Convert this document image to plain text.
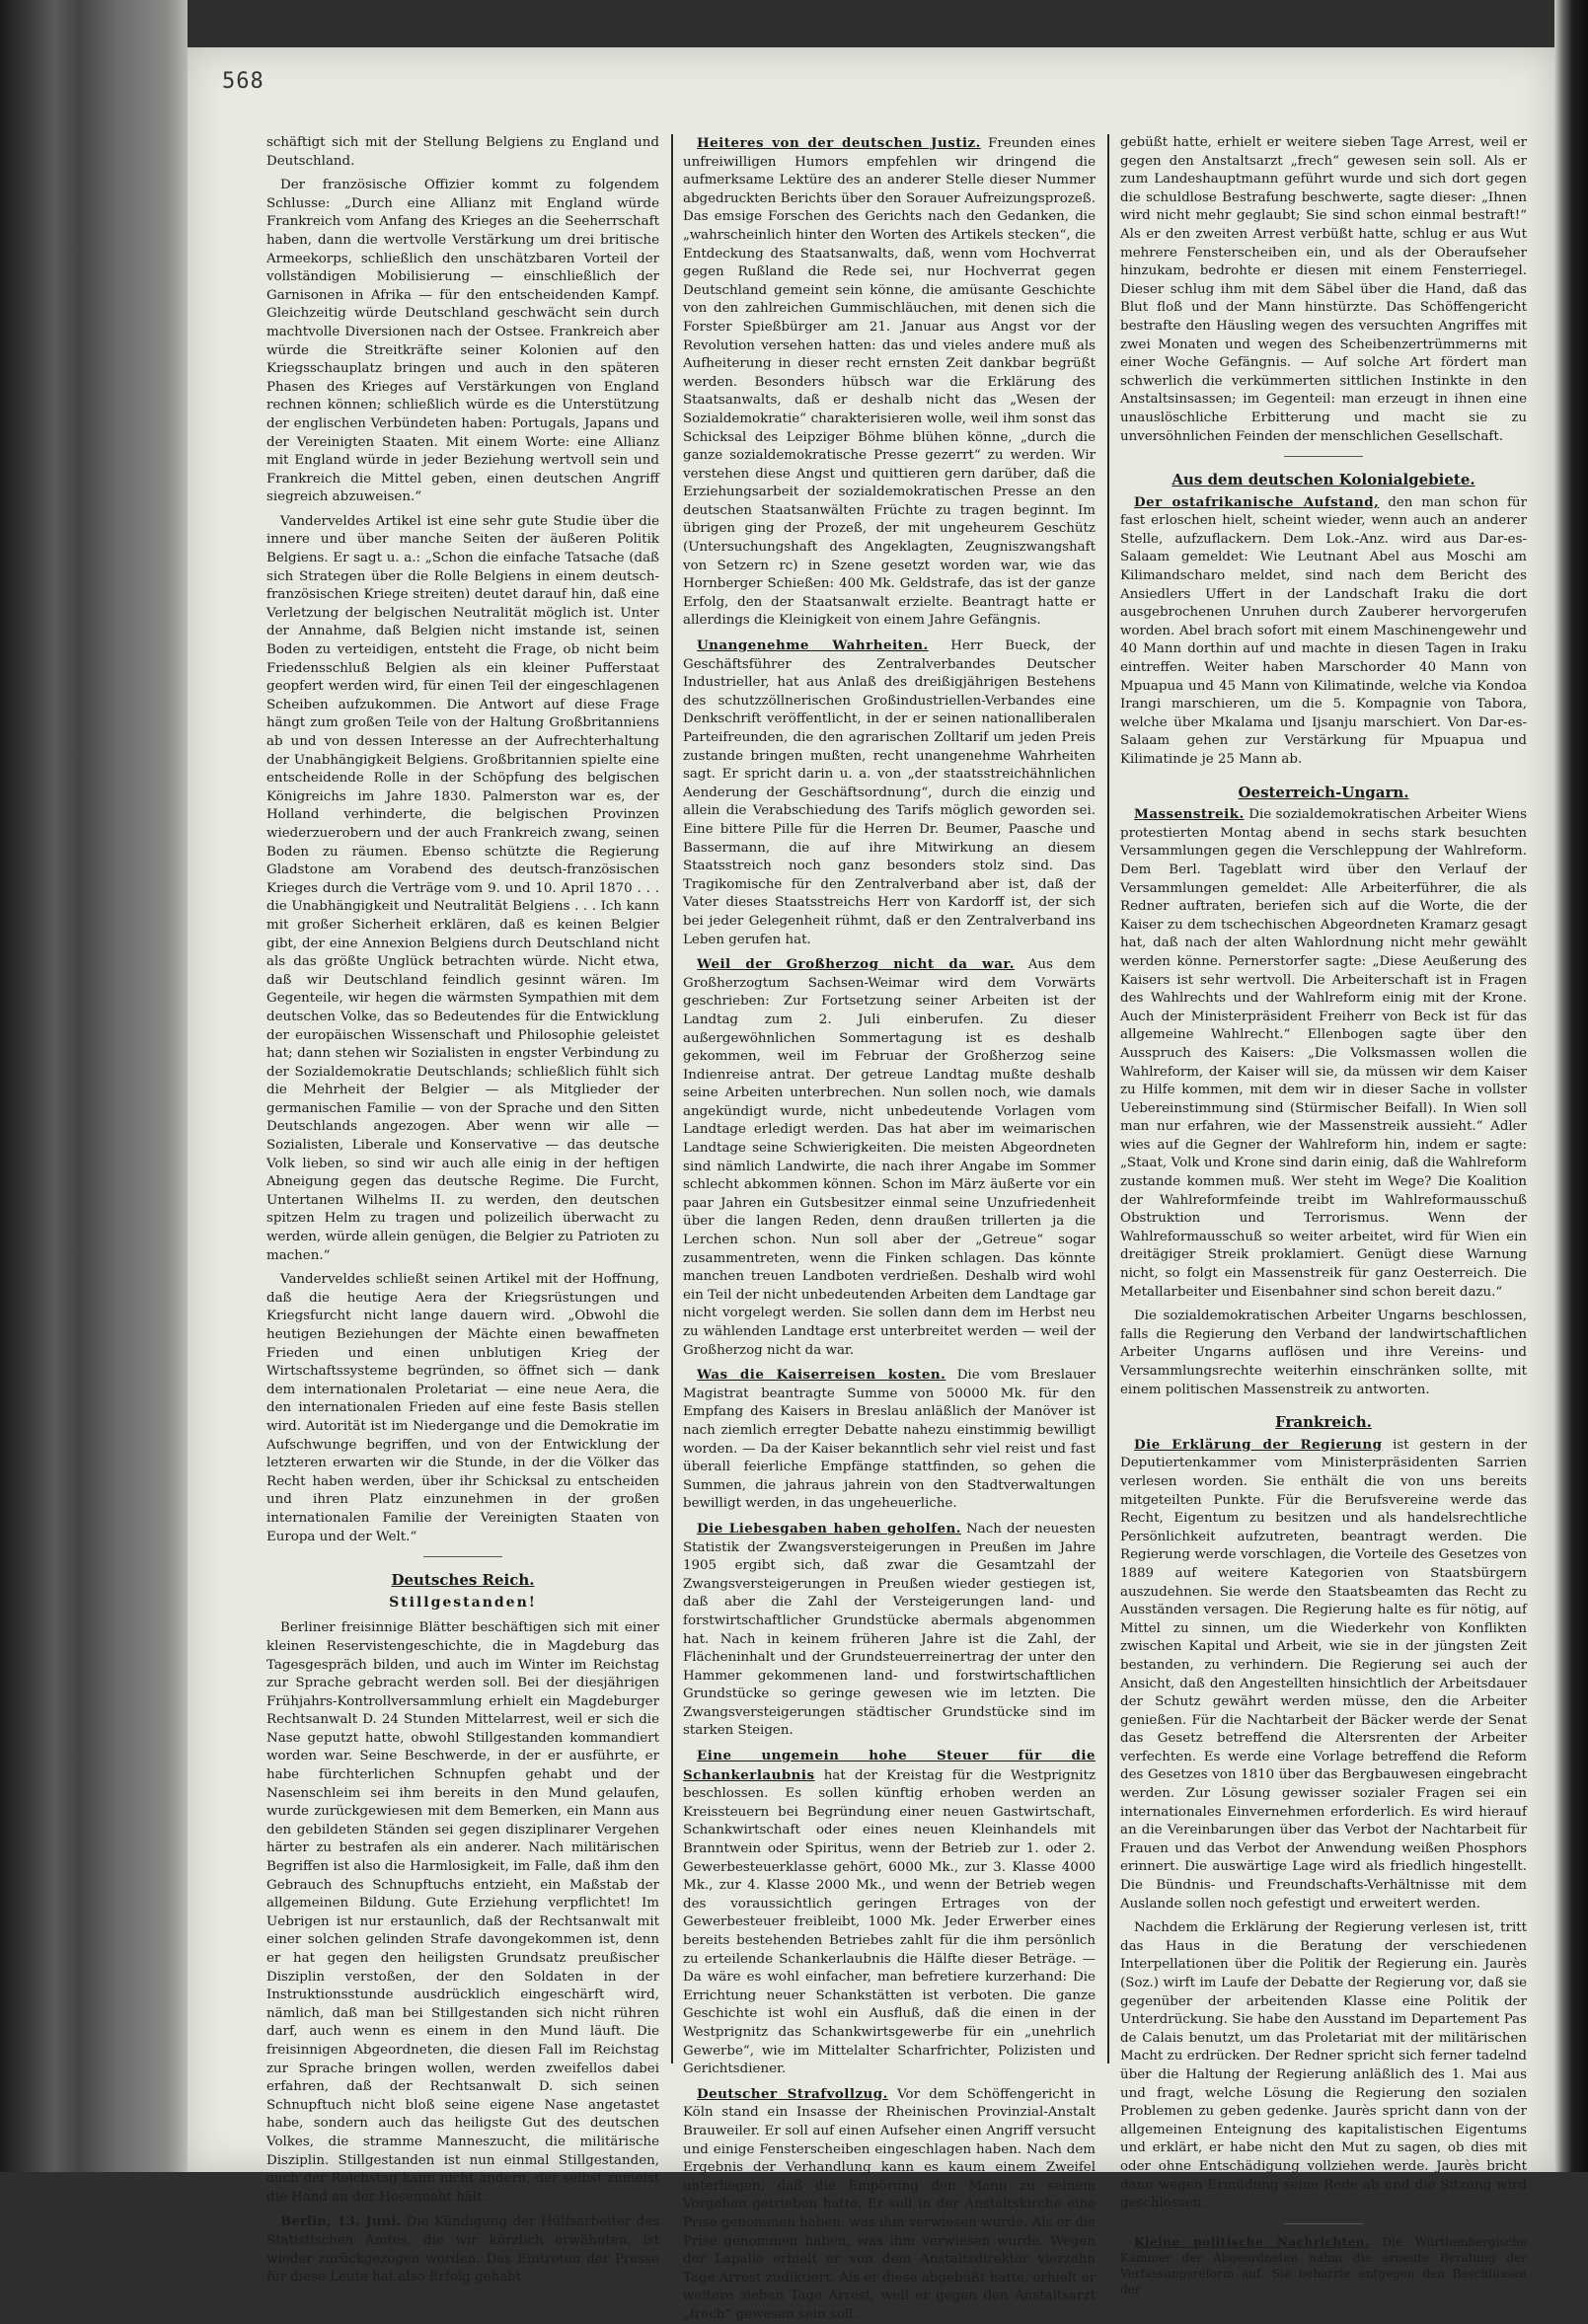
568

schäftigt sich mit der Stellung Belgiens zu England und Deutschland.

Der französische Offizier kommt zu folgendem Schlusse: „Durch eine Allianz mit England würde Frankreich vom Anfang des Krieges an die Seeherrschaft haben, dann die wertvolle Verstärkung um drei britische Armeekorps, schließlich den unschätzbaren Vorteil der vollständigen Mobilisierung — einschließlich der Garnisonen in Afrika — für den entscheidenden Kampf. Gleichzeitig würde Deutschland geschwächt sein durch machtvolle Diversionen nach der Ostsee. Frankreich aber würde die Streitkräfte seiner Kolonien auf den Kriegsschauplatz bringen und auch in den späteren Phasen des Krieges auf Verstärkungen von England rechnen können; schließlich würde es die Unterstützung der englischen Verbündeten haben: Portugals, Japans und der Vereinigten Staaten. Mit einem Worte: eine Allianz mit England würde in jeder Beziehung wertvoll sein und Frankreich die Mittel geben, einen deutschen Angriff siegreich abzuweisen.“

Vanderveldes Artikel ist eine sehr gute Studie über die innere und über manche Seiten der äußeren Politik Belgiens. Er sagt u. a.: „Schon die einfache Tatsache (daß sich Strategen über die Rolle Belgiens in einem deutsch-französischen Kriege streiten) deutet darauf hin, daß eine Verletzung der belgischen Neutralität möglich ist. Unter der Annahme, daß Belgien nicht imstande ist, seinen Boden zu verteidigen, entsteht die Frage, ob nicht beim Friedensschluß Belgien als ein kleiner Pufferstaat geopfert werden wird, für einen Teil der eingeschlagenen Scheiben aufzukommen. Die Antwort auf diese Frage hängt zum großen Teile von der Haltung Großbritanniens ab und von dessen Interesse an der Aufrechterhaltung der Unabhängigkeit Belgiens. Großbritannien spielte eine entscheidende Rolle in der Schöpfung des belgischen Königreichs im Jahre 1830. Palmerston war es, der Holland verhinderte, die belgischen Provinzen wiederzuerobern und der auch Frankreich zwang, seinen Boden zu räumen. Ebenso schützte die Regierung Gladstone am Vorabend des deutsch-französischen Krieges durch die Verträge vom 9. und 10. April 1870 . . . die Unabhängigkeit und Neutralität Belgiens . . . Ich kann mit großer Sicherheit erklären, daß es keinen Belgier gibt, der eine Annexion Belgiens durch Deutschland nicht als das größte Unglück betrachten würde. Nicht etwa, daß wir Deutschland feindlich gesinnt wären. Im Gegenteile, wir hegen die wärmsten Sympathien mit dem deutschen Volke, das so Bedeutendes für die Entwicklung der europäischen Wissenschaft und Philosophie geleistet hat; dann stehen wir Sozialisten in engster Verbindung zu der Sozialdemokratie Deutschlands; schließlich fühlt sich die Mehrheit der Belgier — als Mitglieder der germanischen Familie — von der Sprache und den Sitten Deutschlands angezogen. Aber wenn wir alle — Sozialisten, Liberale und Konservative — das deutsche Volk lieben, so sind wir auch alle einig in der heftigen Abneigung gegen das deutsche Regime. Die Furcht, Untertanen Wilhelms II. zu werden, den deutschen spitzen Helm zu tragen und polizeilich überwacht zu werden, würde allein genügen, die Belgier zu Patrioten zu machen.“

Vanderveldes schließt seinen Artikel mit der Hoffnung, daß die heutige Aera der Kriegsrüstungen und Kriegsfurcht nicht lange dauern wird. „Obwohl die heutigen Beziehungen der Mächte einen bewaffneten Frieden und einen unblutigen Krieg der Wirtschaftssysteme begründen, so öffnet sich — dank dem internationalen Proletariat — eine neue Aera, die den internationalen Frieden auf eine feste Basis stellen wird. Autorität ist im Niedergange und die Demokratie im Aufschwunge begriffen, und von der Entwicklung der letzteren erwarten wir die Stunde, in der die Völker das Recht haben werden, über ihr Schicksal zu entscheiden und ihren Platz einzunehmen in der großen internationalen Familie der Vereinigten Staaten von Europa und der Welt.“

Deutsches Reich.
Stillgestanden!

Berliner freisinnige Blätter beschäftigen sich mit einer kleinen Reservistengeschichte, die in Magdeburg das Tagesgespräch bilden, und auch im Winter im Reichstag zur Sprache gebracht werden soll. Bei der diesjährigen Frühjahrs-Kontrollversammlung erhielt ein Magdeburger Rechtsanwalt D. 24 Stunden Mittelarrest, weil er sich die Nase geputzt hatte, obwohl Stillgestanden kommandiert worden war. Seine Beschwerde, in der er ausführte, er habe fürchterlichen Schnupfen gehabt und der Nasenschleim sei ihm bereits in den Mund gelaufen, wurde zurückgewiesen mit dem Bemerken, ein Mann aus den gebildeten Ständen sei gegen disziplinarer Vergehen härter zu bestrafen als ein anderer. Nach militärischen Begriffen ist also die Harmlosigkeit, im Falle, daß ihm den Gebrauch des Schnupftuchs entzieht, ein Maßstab der allgemeinen Bildung. Gute Erziehung verpflichtet! Im Uebrigen ist nur erstaunlich, daß der Rechtsanwalt mit einer solchen gelinden Strafe davongekommen ist, denn er hat gegen den heiligsten Grundsatz preußischer Disziplin verstoßen, der den Soldaten in der Instruktionsstunde ausdrücklich eingeschärft wird, nämlich, daß man bei Stillgestanden sich nicht rühren darf, auch wenn es einem in den Mund läuft. Die freisinnigen Abgeordneten, die diesen Fall im Reichstag zur Sprache bringen wollen, werden zweifellos dabei erfahren, daß der Rechtsanwalt D. sich seinen Schnupftuch nicht bloß seine eigene Nase angetastet habe, sondern auch das heiligste Gut des deutschen Volkes, die stramme Manneszucht, die militärische Disziplin. Stillgestanden ist nun einmal Stillgestanden, auch der Reichstag kann nicht ändern, der selbst zumeist die Hand an der Hosennaht hält.

Berlin, 13. Juni. Die Kündigung der Hülfsarbeiter des Statistischen Amtes, die wir kürzlich erwähnten, ist wieder zurückgezogen worden. Das Eintreten der Presse für diese Leute hat also Erfolg gehabt.

Heiteres von der deutschen Justiz. Freunden eines unfreiwilligen Humors empfehlen wir dringend die aufmerksame Lektüre des an anderer Stelle dieser Nummer abgedruckten Berichts über den Sorauer Aufreizungsprozeß. Das emsige Forschen des Gerichts nach den Gedanken, die „wahrscheinlich hinter den Worten des Artikels stecken“, die Entdeckung des Staatsanwalts, daß, wenn vom Hochverrat gegen Rußland die Rede sei, nur Hochverrat gegen Deutschland gemeint sein könne, die amüsante Geschichte von den zahlreichen Gummischläuchen, mit denen sich die Forster Spießbürger am 21. Januar aus Angst vor der Revolution versehen hatten: das und vieles andere muß als Aufheiterung in dieser recht ernsten Zeit dankbar begrüßt werden. Besonders hübsch war die Erklärung des Staatsanwalts, daß er deshalb nicht das „Wesen der Sozialdemokratie“ charakterisieren wolle, weil ihm sonst das Schicksal des Leipziger Böhme blühen könne, „durch die ganze sozialdemokratische Presse gezerrt“ zu werden. Wir verstehen diese Angst und quittieren gern darüber, daß die Erziehungsarbeit der sozialdemokratischen Presse an den deutschen Staatsanwälten Früchte zu tragen beginnt. Im übrigen ging der Prozeß, der mit ungeheurem Geschütz (Untersuchungshaft des Angeklagten, Zeugniszwangshaft von Setzern rc) in Szene gesetzt worden war, wie das Hornberger Schießen: 400 Mk. Geldstrafe, das ist der ganze Erfolg, den der Staatsanwalt erzielte. Beantragt hatte er allerdings die Kleinigkeit von einem Jahre Gefängnis.

Unangenehme Wahrheiten. Herr Bueck, der Geschäftsführer des Zentralverbandes Deutscher Industrieller, hat aus Anlaß des dreißigjährigen Bestehens des schutzzöllnerischen Großindustriellen-Verbandes eine Denkschrift veröffentlicht, in der er seinen nationalliberalen Parteifreunden, die den agrarischen Zolltarif um jeden Preis zustande bringen mußten, recht unangenehme Wahrheiten sagt. Er spricht darin u. a. von „der staatsstreichähnlichen Aenderung der Geschäftsordnung“, durch die einzig und allein die Verabschiedung des Tarifs möglich geworden sei. Eine bittere Pille für die Herren Dr. Beumer, Paasche und Bassermann, die auf ihre Mitwirkung an diesem Staatsstreich noch ganz besonders stolz sind. Das Tragikomische für den Zentralverband aber ist, daß der Vater dieses Staatsstreichs Herr von Kardorff ist, der sich bei jeder Gelegenheit rühmt, daß er den Zentralverband ins Leben gerufen hat.

Weil der Großherzog nicht da war. Aus dem Großherzogtum Sachsen-Weimar wird dem Vorwärts geschrieben: Zur Fortsetzung seiner Arbeiten ist der Landtag zum 2. Juli einberufen. Zu dieser außergewöhnlichen Sommertagung ist es deshalb gekommen, weil im Februar der Großherzog seine Indienreise antrat. Der getreue Landtag mußte deshalb seine Arbeiten unterbrechen. Nun sollen noch, wie damals angekündigt wurde, nicht unbedeutende Vorlagen vom Landtage erledigt werden. Das hat aber im weimarischen Landtage seine Schwierigkeiten. Die meisten Abgeordneten sind nämlich Landwirte, die nach ihrer Angabe im Sommer schlecht abkommen können. Schon im März äußerte vor ein paar Jahren ein Gutsbesitzer einmal seine Unzufriedenheit über die langen Reden, denn draußen trillerten ja die Lerchen schon. Nun soll aber der „Getreue“ sogar zusammentreten, wenn die Finken schlagen. Das könnte manchen treuen Landboten verdrießen. Deshalb wird wohl ein Teil der nicht unbedeutenden Arbeiten dem Landtage gar nicht vorgelegt werden. Sie sollen dann dem im Herbst neu zu wählenden Landtage erst unterbreitet werden — weil der Großherzog nicht da war.

Was die Kaiserreisen kosten. Die vom Breslauer Magistrat beantragte Summe von 50000 Mk. für den Empfang des Kaisers in Breslau anläßlich der Manöver ist nach ziemlich erregter Debatte nahezu einstimmig bewilligt worden. — Da der Kaiser bekanntlich sehr viel reist und fast überall feierliche Empfänge stattfinden, so gehen die Summen, die jahraus jahrein von den Stadtverwaltungen bewilligt werden, in das ungeheuerliche.

Die Liebesgaben haben geholfen. Nach der neuesten Statistik der Zwangsversteigerungen in Preußen im Jahre 1905 ergibt sich, daß zwar die Gesamtzahl der Zwangsversteigerungen in Preußen wieder gestiegen ist, daß aber die Zahl der Versteigerungen land- und forstwirtschaftlicher Grundstücke abermals abgenommen hat. Nach in keinem früheren Jahre ist die Zahl, der Flächeninhalt und der Grundsteuerreinertrag der unter den Hammer gekommenen land- und forstwirtschaftlichen Grundstücke so geringe gewesen wie im letzten. Die Zwangsversteigerungen städtischer Grundstücke sind im starken Steigen.

Eine ungemein hohe Steuer für die Schankerlaubnis hat der Kreistag für die Westprignitz beschlossen. Es sollen künftig erhoben werden an Kreissteuern bei Begründung einer neuen Gastwirtschaft, Schankwirtschaft oder eines neuen Kleinhandels mit Branntwein oder Spiritus, wenn der Betrieb zur 1. oder 2. Gewerbesteuerklasse gehört, 6000 Mk., zur 3. Klasse 4000 Mk., zur 4. Klasse 2000 Mk., und wenn der Betrieb wegen des voraussichtlich geringen Ertrages von der Gewerbesteuer freibleibt, 1000 Mk. Jeder Erwerber eines bereits bestehenden Betriebes zahlt für die ihm persönlich zu erteilende Schankerlaubnis die Hälfte dieser Beträge. — Da wäre es wohl einfacher, man befretiere kurzerhand: Die Errichtung neuer Schankstätten ist verboten. Die ganze Geschichte ist wohl ein Ausfluß, daß die einen in der Westprignitz das Schankwirtsgewerbe für ein „unehrlich Gewerbe“, wie im Mittelalter Scharfrichter, Polizisten und Gerichtsdiener.

Deutscher Strafvollzug. Vor dem Schöffengericht in Köln stand ein Insasse der Rheinischen Provinzial-Anstalt Brauweiler. Er soll auf einen Aufseher einen Angriff versucht und einige Fensterscheiben eingeschlagen haben. Nach dem Ergebnis der Verhandlung kann es kaum einem Zweifel unterliegen, daß die Empörung den Mann zu seinem Vorgehen getrieben hatte. Er soll in der Anstaltskirche eine Prise genommen haben, was ihm verwiesen wurde. Als er die Prise genommen haben, was ihm verwiesen wurde. Wegen der Lapalie erhielt er von dem Anstaltsdirektor vierzehn Tage Arrest zudiktiert. Als er diese abgebüßt hatte, erhielt er weitere sieben Tage Arrest, weil er gegen den Anstaltsarzt „frech“ gewesen sein soll.

gebüßt hatte, erhielt er weitere sieben Tage Arrest, weil er gegen den Anstaltsarzt „frech“ gewesen sein soll. Als er zum Landeshauptmann geführt wurde und sich dort gegen die schuldlose Bestrafung beschwerte, sagte dieser: „Ihnen wird nicht mehr geglaubt; Sie sind schon einmal bestraft!“ Als er den zweiten Arrest verbüßt hatte, schlug er aus Wut mehrere Fensterscheiben ein, und als der Oberaufseher hinzukam, bedrohte er diesen mit einem Fensterriegel. Dieser schlug ihm mit dem Säbel über die Hand, daß das Blut floß und der Mann hinstürzte. Das Schöffengericht bestrafte den Häusling wegen des versuchten Angriffes mit zwei Monaten und wegen des Scheibenzertrümmerns mit einer Woche Gefängnis. — Auf solche Art fördert man schwerlich die verkümmerten sittlichen Instinkte in den Anstaltsinsassen; im Gegenteil: man erzeugt in ihnen eine unauslöschliche Erbitterung und macht sie zu unversöhnlichen Feinden der menschlichen Gesellschaft.

Aus dem deutschen Kolonialgebiete.

Der ostafrikanische Aufstand, den man schon für fast erloschen hielt, scheint wieder, wenn auch an anderer Stelle, aufzuflackern. Dem Lok.-Anz. wird aus Dar-es-Salaam gemeldet: Wie Leutnant Abel aus Moschi am Kilimandscharo meldet, sind nach dem Bericht des Ansiedlers Uffert in der Landschaft Iraku die dort ausgebrochenen Unruhen durch Zauberer hervorgerufen worden. Abel brach sofort mit einem Maschinengewehr und 40 Mann dorthin auf und machte in diesen Tagen in Iraku eintreffen. Weiter haben Marschorder 40 Mann von Mpuapua und 45 Mann von Kilimatinde, welche via Kondoa Irangi marschieren, um die 5. Kompagnie von Tabora, welche über Mkalama und Ijsanju marschiert. Von Dar-es-Salaam gehen zur Verstärkung für Mpuapua und Kilimatinde je 25 Mann ab.

Oesterreich-Ungarn.

Massenstreik. Die sozialdemokratischen Arbeiter Wiens protestierten Montag abend in sechs stark besuchten Versammlungen gegen die Verschleppung der Wahlreform. Dem Berl. Tageblatt wird über den Verlauf der Versammlungen gemeldet: Alle Arbeiterführer, die als Redner auftraten, beriefen sich auf die Worte, die der Kaiser zu dem tschechischen Abgeordneten Kramarz gesagt hat, daß nach der alten Wahlordnung nicht mehr gewählt werden könne. Pernerstorfer sagte: „Diese Aeußerung des Kaisers ist sehr wertvoll. Die Arbeiterschaft ist in Fragen des Wahlrechts und der Wahlreform einig mit der Krone. Auch der Ministerpräsident Freiherr von Beck ist für das allgemeine Wahlrecht.“ Ellenbogen sagte über den Ausspruch des Kaisers: „Die Volksmassen wollen die Wahlreform, der Kaiser will sie, da müssen wir dem Kaiser zu Hilfe kommen, mit dem wir in dieser Sache in vollster Uebereinstimmung sind (Stürmischer Beifall). In Wien soll man nur erfahren, wie der Massenstreik aussieht.“ Adler wies auf die Gegner der Wahlreform hin, indem er sagte: „Staat, Volk und Krone sind darin einig, daß die Wahlreform zustande kommen muß. Wer steht im Wege? Die Koalition der Wahlreformfeinde treibt im Wahlreformausschuß Obstruktion und Terrorismus. Wenn der Wahlreformausschuß so weiter arbeitet, wird für Wien ein dreitägiger Streik proklamiert. Genügt diese Warnung nicht, so folgt ein Massenstreik für ganz Oesterreich. Die Metallarbeiter und Eisenbahner sind schon bereit dazu.“

Die sozialdemokratischen Arbeiter Ungarns beschlossen, falls die Regierung den Verband der landwirtschaftlichen Arbeiter Ungarns auflösen und ihre Vereins- und Versammlungsrechte weiterhin einschränken sollte, mit einem politischen Massenstreik zu antworten.

Frankreich.

Die Erklärung der Regierung ist gestern in der Deputiertenkammer vom Ministerpräsidenten Sarrien verlesen worden. Sie enthält die von uns bereits mitgeteilten Punkte. Für die Berufsvereine werde das Recht, Eigentum zu besitzen und als handelsrechtliche Persönlichkeit aufzutreten, beantragt werden. Die Regierung werde vorschlagen, die Vorteile des Gesetzes von 1889 auf weitere Kategorien von Staatsbürgern auszudehnen. Sie werde den Staatsbeamten das Recht zu Ausständen versagen. Die Regierung halte es für nötig, auf Mittel zu sinnen, um die Wiederkehr von Konflikten zwischen Kapital und Arbeit, wie sie in der jüngsten Zeit bestanden, zu verhindern. Die Regierung sei auch der Ansicht, daß den Angestellten hinsichtlich der Arbeitsdauer der Schutz gewährt werden müsse, den die Arbeiter genießen. Für die Nachtarbeit der Bäcker werde der Senat das Gesetz betreffend die Altersrenten der Arbeiter verfechten. Es werde eine Vorlage betreffend die Reform des Gesetzes von 1810 über das Bergbauwesen eingebracht werden. Zur Lösung gewisser sozialer Fragen sei ein internationales Einvernehmen erforderlich. Es wird hierauf an die Vereinbarungen über das Verbot der Nachtarbeit für Frauen und das Verbot der Anwendung weißen Phosphors erinnert. Die auswärtige Lage wird als friedlich hingestellt. Die Bündnis- und Freundschafts-Verhältnisse mit dem Auslande sollen noch gefestigt und erweitert werden.

Nachdem die Erklärung der Regierung verlesen ist, tritt das Haus in die Beratung der verschiedenen Interpellationen über die Politik der Regierung ein. Jaurès (Soz.) wirft im Laufe der Debatte der Regierung vor, daß sie gegenüber der arbeitenden Klasse eine Politik der Unterdrückung. Sie habe den Ausstand im Departement Pas de Calais benutzt, um das Proletariat mit der militärischen Macht zu erdrücken. Der Redner spricht sich ferner tadelnd über die Haltung der Regierung anläßlich des 1. Mai aus und fragt, welche Lösung die Regierung den sozialen Problemen zu geben gedenke. Jaurès spricht dann von der allgemeinen Enteignung des kapitalistischen Eigentums und erklärt, er habe nicht den Mut zu sagen, ob dies mit oder ohne Entschädigung vollziehen werde. Jaurès bricht dann wegen Ermüdung seine Rede ab und die Sitzung wird geschlossen.

Kleine politische Nachrichten. Die Württembergische Kammer der Abgeordneten nahm die erneute Beratung der Verfassungsreform auf. Sie beharrte entgegen den Beschlüssen der
